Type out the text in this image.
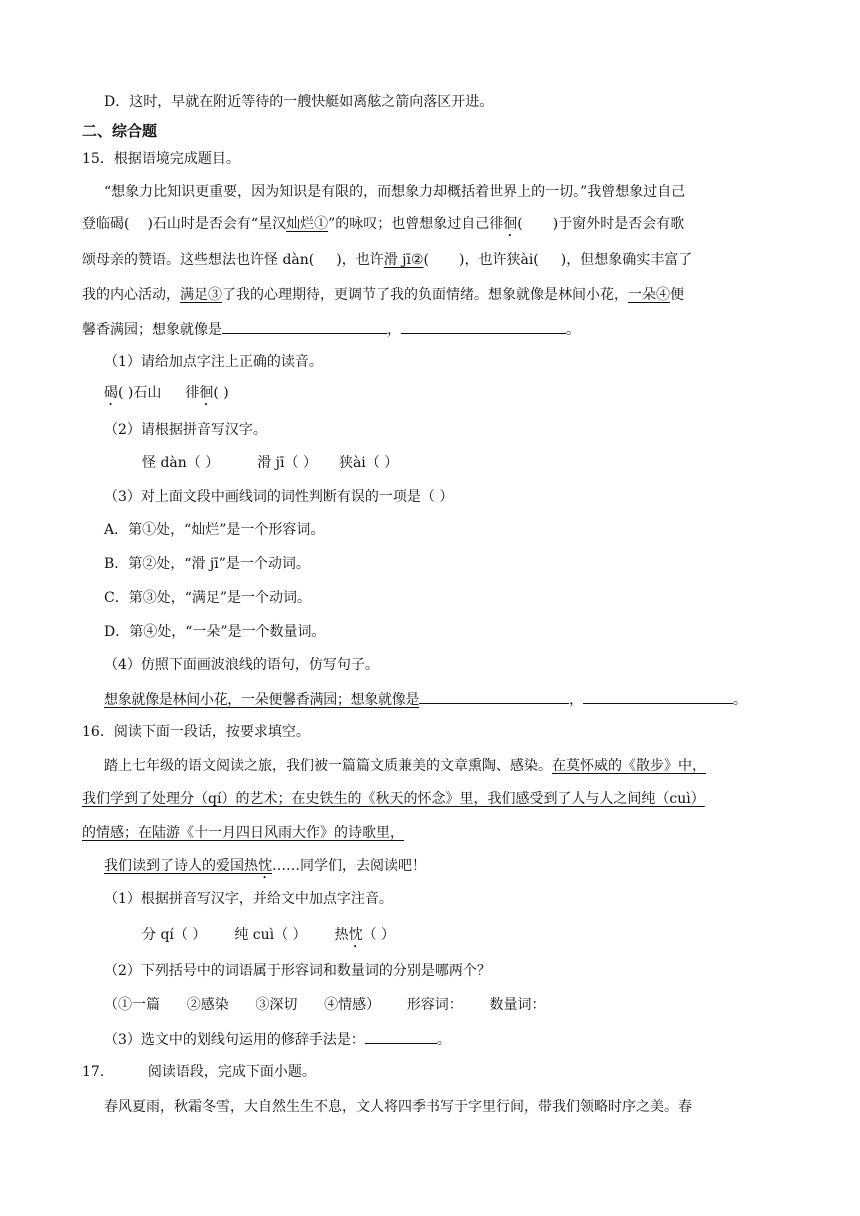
D．这时，早就在附近等待的一艘快艇如离舷之箭向落区开进。
二、综合题
15．根据语境完成题目。
“想象力比知识更重要，因为知识是有限的，而想象力却概括着世界上的一切。”我曾想象过自己
登临碣( )石山时是否会有“星汉灿烂①”的咏叹；也曾想象过自己徘徊( )于窗外时是否会有歌
颂母亲的赞语。这些想法也许怪 dàn( )，也许滑 jī②( )，也许狭ài( )，但想象确实丰富了
我的内心活动，满足③了我的心理期待，更调节了我的负面情绪。想象就像是林间小花，一朵④便
馨香满园；想象就像是	，	。
（1）请给加点字注上正确的读音。
碣( )石山 徘徊( )
（2）请根据拼音写汉字。
怪 dàn（ ）	滑 jī（ ） 狭ài（ ）
（3）对上面文段中画线词的词性判断有误的一项是（ ）
A．第①处，“灿烂”是一个形容词。
B．第②处，“滑 jī”是一个动词。
C．第③处，“满足”是一个动词。
D．第④处，“一朵”是一个数量词。
（4）仿照下面画波浪线的语句，仿写句子。
想象就像是林间小花，一朵便馨香满园；想象就像是	，	。
16．阅读下面一段话，按要求填空。
踏上七年级的语文阅读之旅，我们被一篇篇文质兼美的文章熏陶、感染。在莫怀威的《散步》中，
我们学到了处理分（qí）的艺术；在史铁生的《秋天的怀念》里，我们感受到了人与人之间纯（cuì）
的情感；在陆游《十一月四日风雨大作》的诗歌里，
我们读到了诗人的爱国热忱……同学们，去阅读吧！
（1）根据拼音写汉字，并给文中加点字注音。
分 qí（ ） 纯 cuì（ ） 热忱（ ）
（2）下列括号中的词语属于形容词和数量词的分别是哪两个？
（①一篇      ②感染      ③深切      ④情感）      形容词：      数量词：
（3）选文中的划线句运用的修辞手法是：	。
17． 阅读语段，完成下面小题。
春风夏雨，秋霜冬雪，大自然生生不息，文人将四季书写于字里行间，带我们领略时序之美。春
